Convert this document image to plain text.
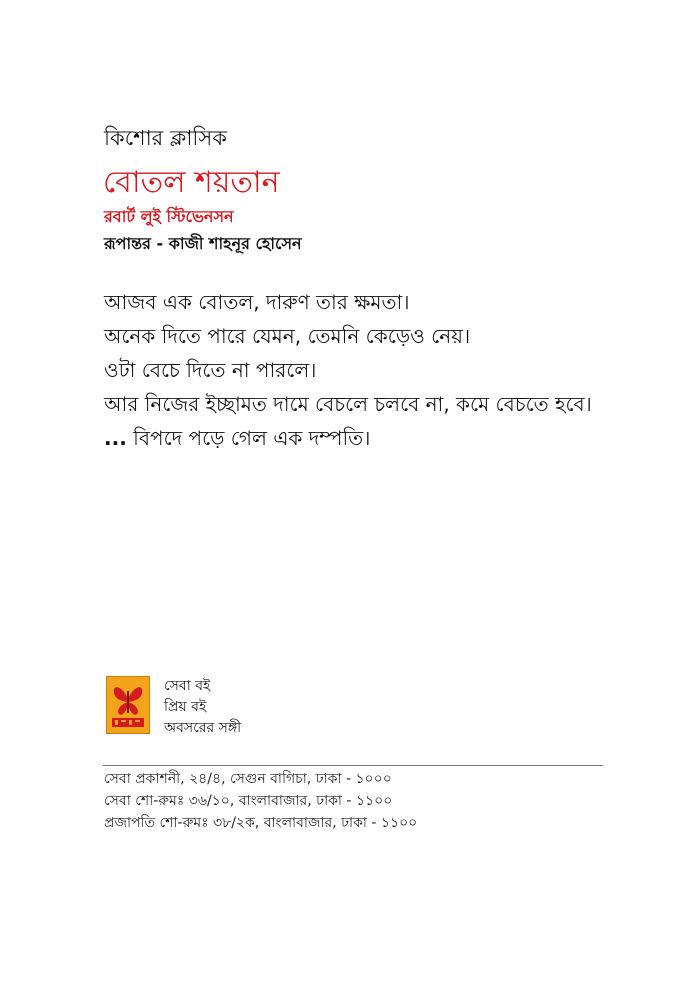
কিশোর ক্লাসিক
বোতল শয়তান
রবার্ট লুই স্টিভেনসন
রূপান্তর - কাজী শাহনূর হোসেন

আজব এক বোতল, দারুণ তার ক্ষমতা।

অনেক দিতে পারে যেমন, তেমনি কেড়েও নেয়।

ওটা বেচে দিতে না পারলে।

আর নিজের ইচ্ছামত দামে বেচলে চলবে না, কমে বেচতে হবে।

... বিপদে পড়ে গেল এক দম্পতি।

সেবা বই
প্রিয় বই
অবসরের সঙ্গী
সেবা প্রকাশনী, ২৪/৪, সেগুন বাগিচা, ঢাকা - ১০০০
সেবা শো-রুমঃ ৩৬/১০, বাংলাবাজার, ঢাকা - ১১০০
প্রজাপতি শো-রুমঃ ৩৮/২ক, বাংলাবাজার, ঢাকা - ১১০০
